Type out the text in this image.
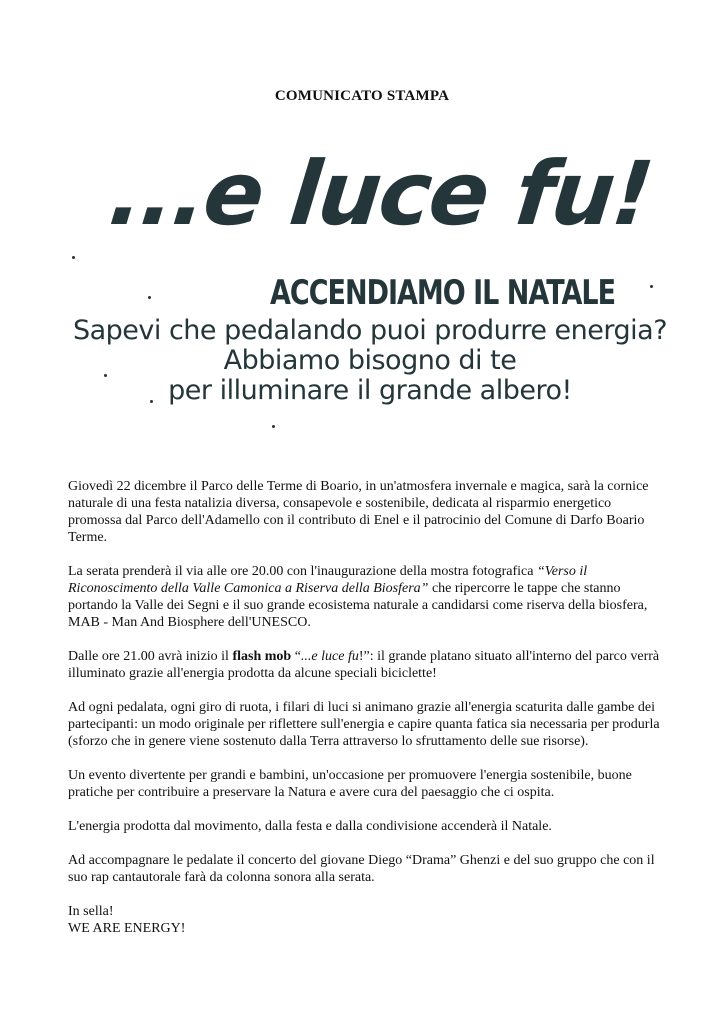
COMUNICATO STAMPA
...e luce fu!
ACCENDIAMO IL NATALE
Sapevi che pedalando puoi produrre energia?
Abbiamo bisogno di te
per illuminare il grande albero!

Giovedì 22 dicembre il Parco delle Terme di Boario, in un'atmosfera invernale e magica, sarà la cornice naturale di una festa natalizia diversa, consapevole e sostenibile, dedicata al risparmio energetico promossa dal Parco dell'Adamello con il contributo di Enel e il patrocinio del Comune di Darfo Boario Terme.

La serata prenderà il via alle ore 20.00 con l'inaugurazione della mostra fotografica “Verso il Riconoscimento della Valle Camonica a Riserva della Biosfera” che ripercorre le tappe che stanno portando la Valle dei Segni e il suo grande ecosistema naturale a candidarsi come riserva della biosfera, MAB - Man And Biosphere dell'UNESCO.

Dalle ore 21.00 avrà inizio il flash mob “...e luce fu!”: il grande platano situato all'interno del parco verrà illuminato grazie all'energia prodotta da alcune speciali biciclette!

Ad ogni pedalata, ogni giro di ruota, i filari di luci si animano grazie all'energia scaturita dalle gambe dei partecipanti: un modo originale per riflettere sull'energia e capire quanta fatica sia necessaria per produrla (sforzo che in genere viene sostenuto dalla Terra attraverso lo sfruttamento delle sue risorse).

Un evento divertente per grandi e bambini, un'occasione per promuovere l'energia sostenibile, buone pratiche per contribuire a preservare la Natura e avere cura del paesaggio che ci ospita.

L'energia prodotta dal movimento, dalla festa e dalla condivisione accenderà il Natale.

Ad accompagnare le pedalate il concerto del giovane Diego “Drama” Ghenzi e del suo gruppo che con il suo rap cantautorale farà da colonna sonora alla serata.

In sella!
WE ARE ENERGY!
